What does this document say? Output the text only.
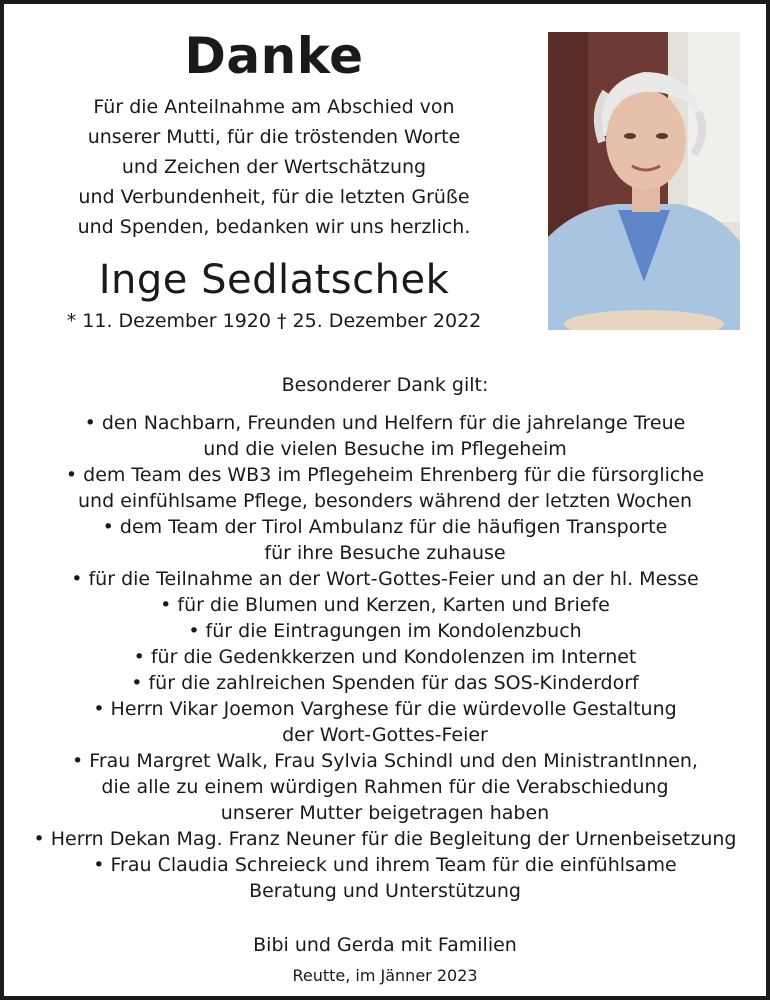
Danke
Für die Anteilnahme am Abschied von
unserer Mutti, für die tröstenden Worte
und Zeichen der Wertschätzung
und Verbundenheit, für die letzten Grüße
und Spenden, bedanken wir uns herzlich.
Inge Sedlatschek
* 11. Dezember 1920 † 25. Dezember 2022
Besonderer Dank gilt:
• den Nachbarn, Freunden und Helfern für die jahrelange Treue
und die vielen Besuche im Pflegeheim
• dem Team des WB3 im Pflegeheim Ehrenberg für die fürsorgliche
und einfühlsame Pflege, besonders während der letzten Wochen
• dem Team der Tirol Ambulanz für die häufigen Transporte
für ihre Besuche zuhause
• für die Teilnahme an der Wort-Gottes-Feier und an der hl. Messe
• für die Blumen und Kerzen, Karten und Briefe
• für die Eintragungen im Kondolenzbuch
• für die Gedenkkerzen und Kondolenzen im Internet
• für die zahlreichen Spenden für das SOS-Kinderdorf
• Herrn Vikar Joemon Varghese für die würdevolle Gestaltung
der Wort-Gottes-Feier
• Frau Margret Walk, Frau Sylvia Schindl und den MinistrantInnen,
die alle zu einem würdigen Rahmen für die Verabschiedung
unserer Mutter beigetragen haben
• Herrn Dekan Mag. Franz Neuner für die Begleitung der Urnenbeisetzung
• Frau Claudia Schreieck und ihrem Team für die einfühlsame
Beratung und Unterstützung
Bibi und Gerda mit Familien
Reutte, im Jänner 2023
